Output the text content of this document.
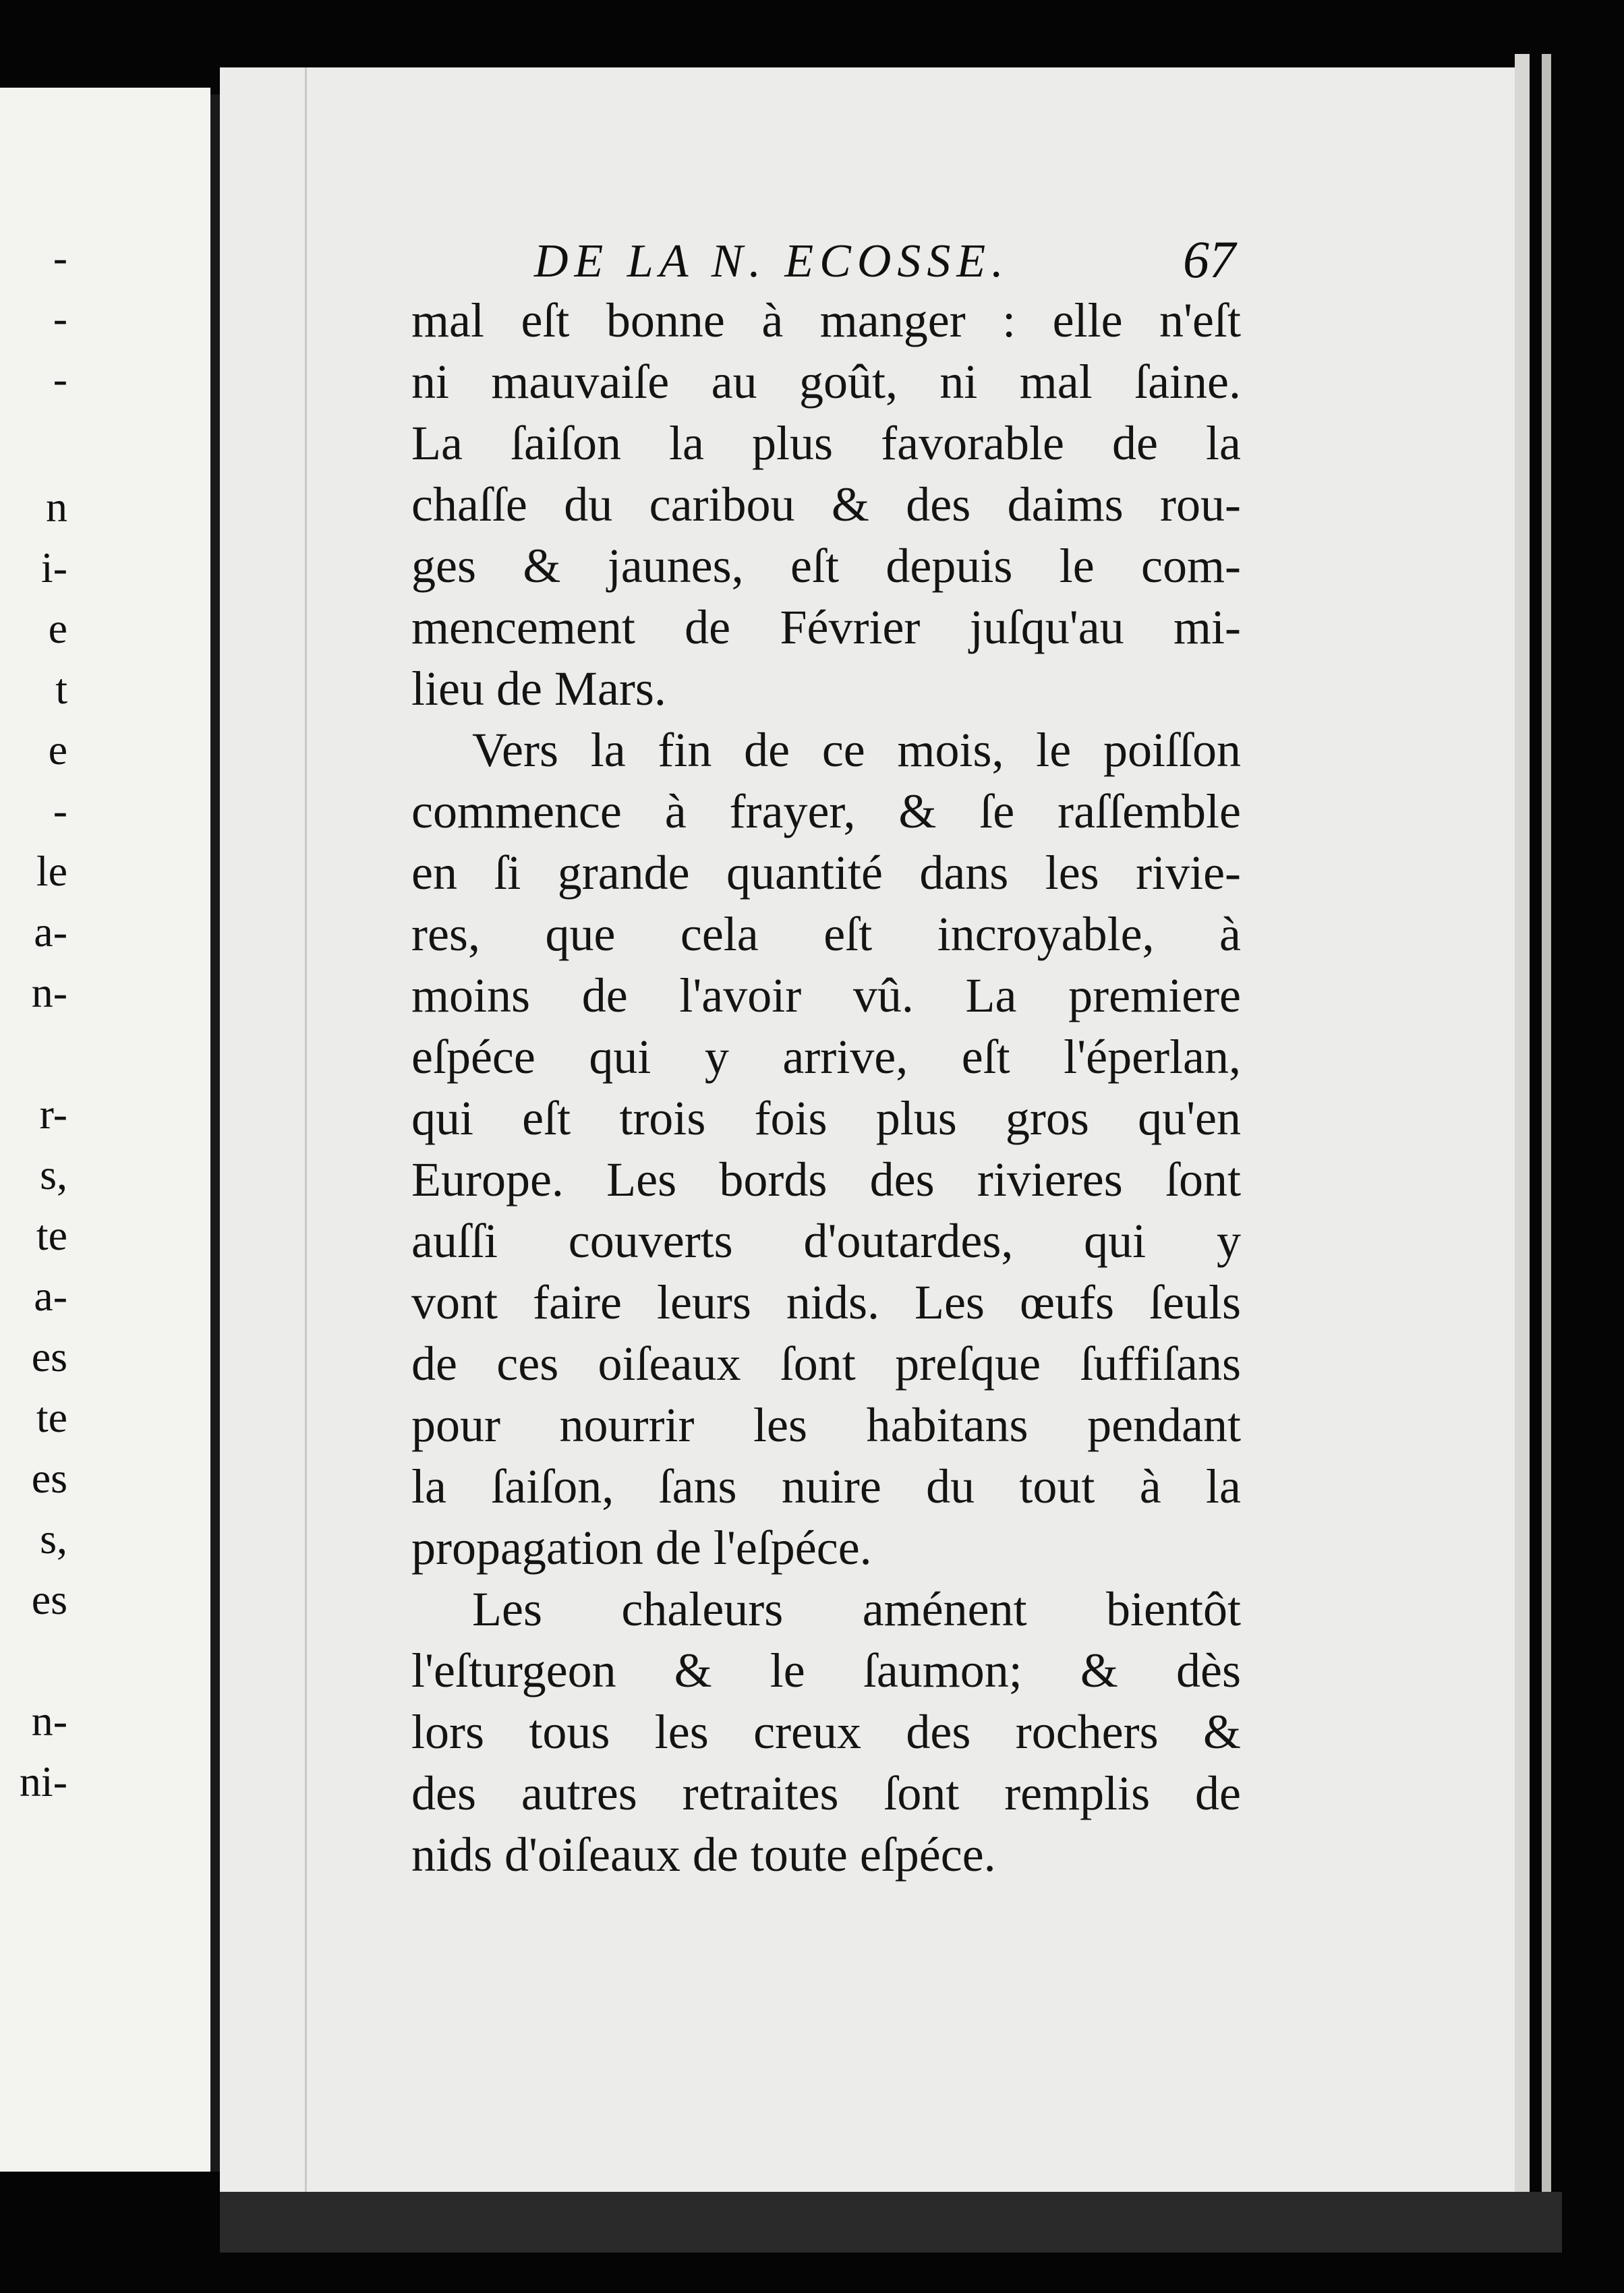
-
-
-
n
i-
e
t
e
-
le
a-
n-
r-
s,
te
a-
es
te
es
s,
es
n-
ni-
DE LA N. ECOSSE.	67
mal eſt bonne à manger : elle n'eſt
ni mauvaiſe au goût, ni mal ſaine.
La ſaiſon la plus favorable de la
chaſſe du caribou & des daims rou-
ges & jaunes, eſt depuis le com-
mencement de Février juſqu'au mi-
lieu de Mars.
Vers la fin de ce mois, le poiſſon
commence à frayer, & ſe raſſemble
en ſi grande quantité dans les rivie-
res, que cela eſt incroyable, à
moins de l'avoir vû. La premiere
eſpéce qui y arrive, eſt l'éperlan,
qui eſt trois fois plus gros qu'en
Europe. Les bords des rivieres ſont
auſſi couverts d'outardes, qui y
vont faire leurs nids. Les œufs ſeuls
de ces oiſeaux ſont preſque ſuffiſans
pour nourrir les habitans pendant
la ſaiſon, ſans nuire du tout à la
propagation de l'eſpéce.
Les chaleurs aménent bientôt
l'eſturgeon & le ſaumon; & dès
lors tous les creux des rochers &
des autres retraites ſont remplis de
nids d'oiſeaux de toute eſpéce.
